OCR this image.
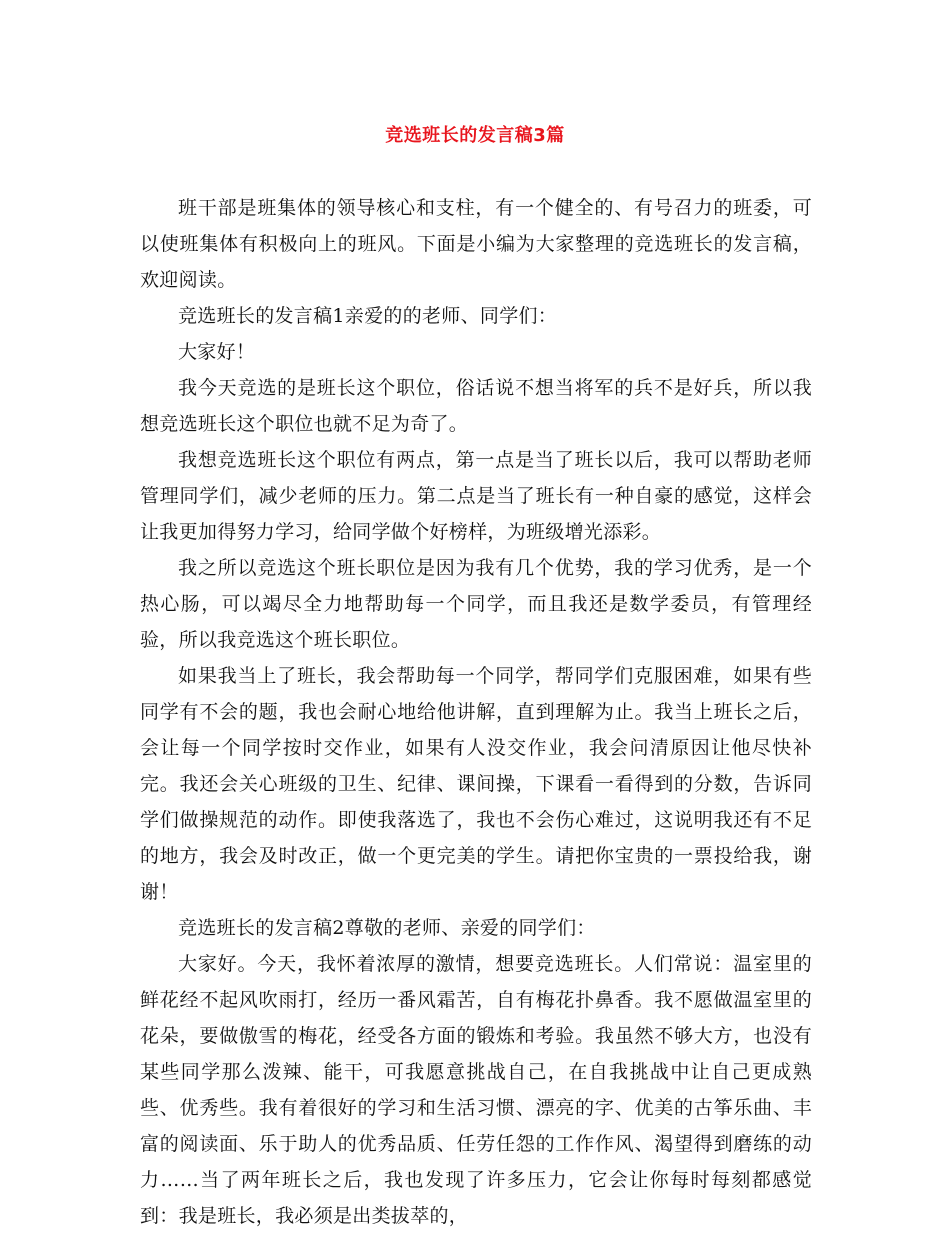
竞选班长的发言稿3篇

班干部是班集体的领导核心和支柱，有一个健全的、有号召力的班委，可以使班集体有积极向上的班风。下面是小编为大家整理的竞选班长的发言稿，欢迎阅读。

竞选班长的发言稿1亲爱的的老师、同学们：

大家好！

我今天竞选的是班长这个职位，俗话说不想当将军的兵不是好兵，所以我想竞选班长这个职位也就不足为奇了。

我想竞选班长这个职位有两点，第一点是当了班长以后，我可以帮助老师管理同学们，减少老师的压力。第二点是当了班长有一种自豪的感觉，这样会让我更加得努力学习，给同学做个好榜样，为班级增光添彩。

我之所以竞选这个班长职位是因为我有几个优势，我的学习优秀，是一个热心肠，可以竭尽全力地帮助每一个同学，而且我还是数学委员，有管理经验，所以我竞选这个班长职位。

如果我当上了班长，我会帮助每一个同学，帮同学们克服困难，如果有些同学有不会的题，我也会耐心地给他讲解，直到理解为止。我当上班长之后，会让每一个同学按时交作业，如果有人没交作业，我会问清原因让他尽快补完。我还会关心班级的卫生、纪律、课间操，下课看一看得到的分数，告诉同学们做操规范的动作。即使我落选了，我也不会伤心难过，这说明我还有不足的地方，我会及时改正，做一个更完美的学生。请把你宝贵的一票投给我，谢谢！

竞选班长的发言稿2尊敬的老师、亲爱的同学们：

大家好。今天，我怀着浓厚的激情，想要竞选班长。人们常说：温室里的鲜花经不起风吹雨打，经历一番风霜苦，自有梅花扑鼻香。我不愿做温室里的花朵，要做傲雪的梅花，经受各方面的锻炼和考验。我虽然不够大方，也没有某些同学那么泼辣、能干，可我愿意挑战自己，在自我挑战中让自己更成熟些、优秀些。我有着很好的学习和生活习惯、漂亮的字、优美的古筝乐曲、丰富的阅读面、乐于助人的优秀品质、任劳任怨的工作作风、渴望得到磨练的动力……当了两年班长之后，我也发现了许多压力，它会让你每时每刻都感觉到：我是班长，我必须是出类拔萃的，
